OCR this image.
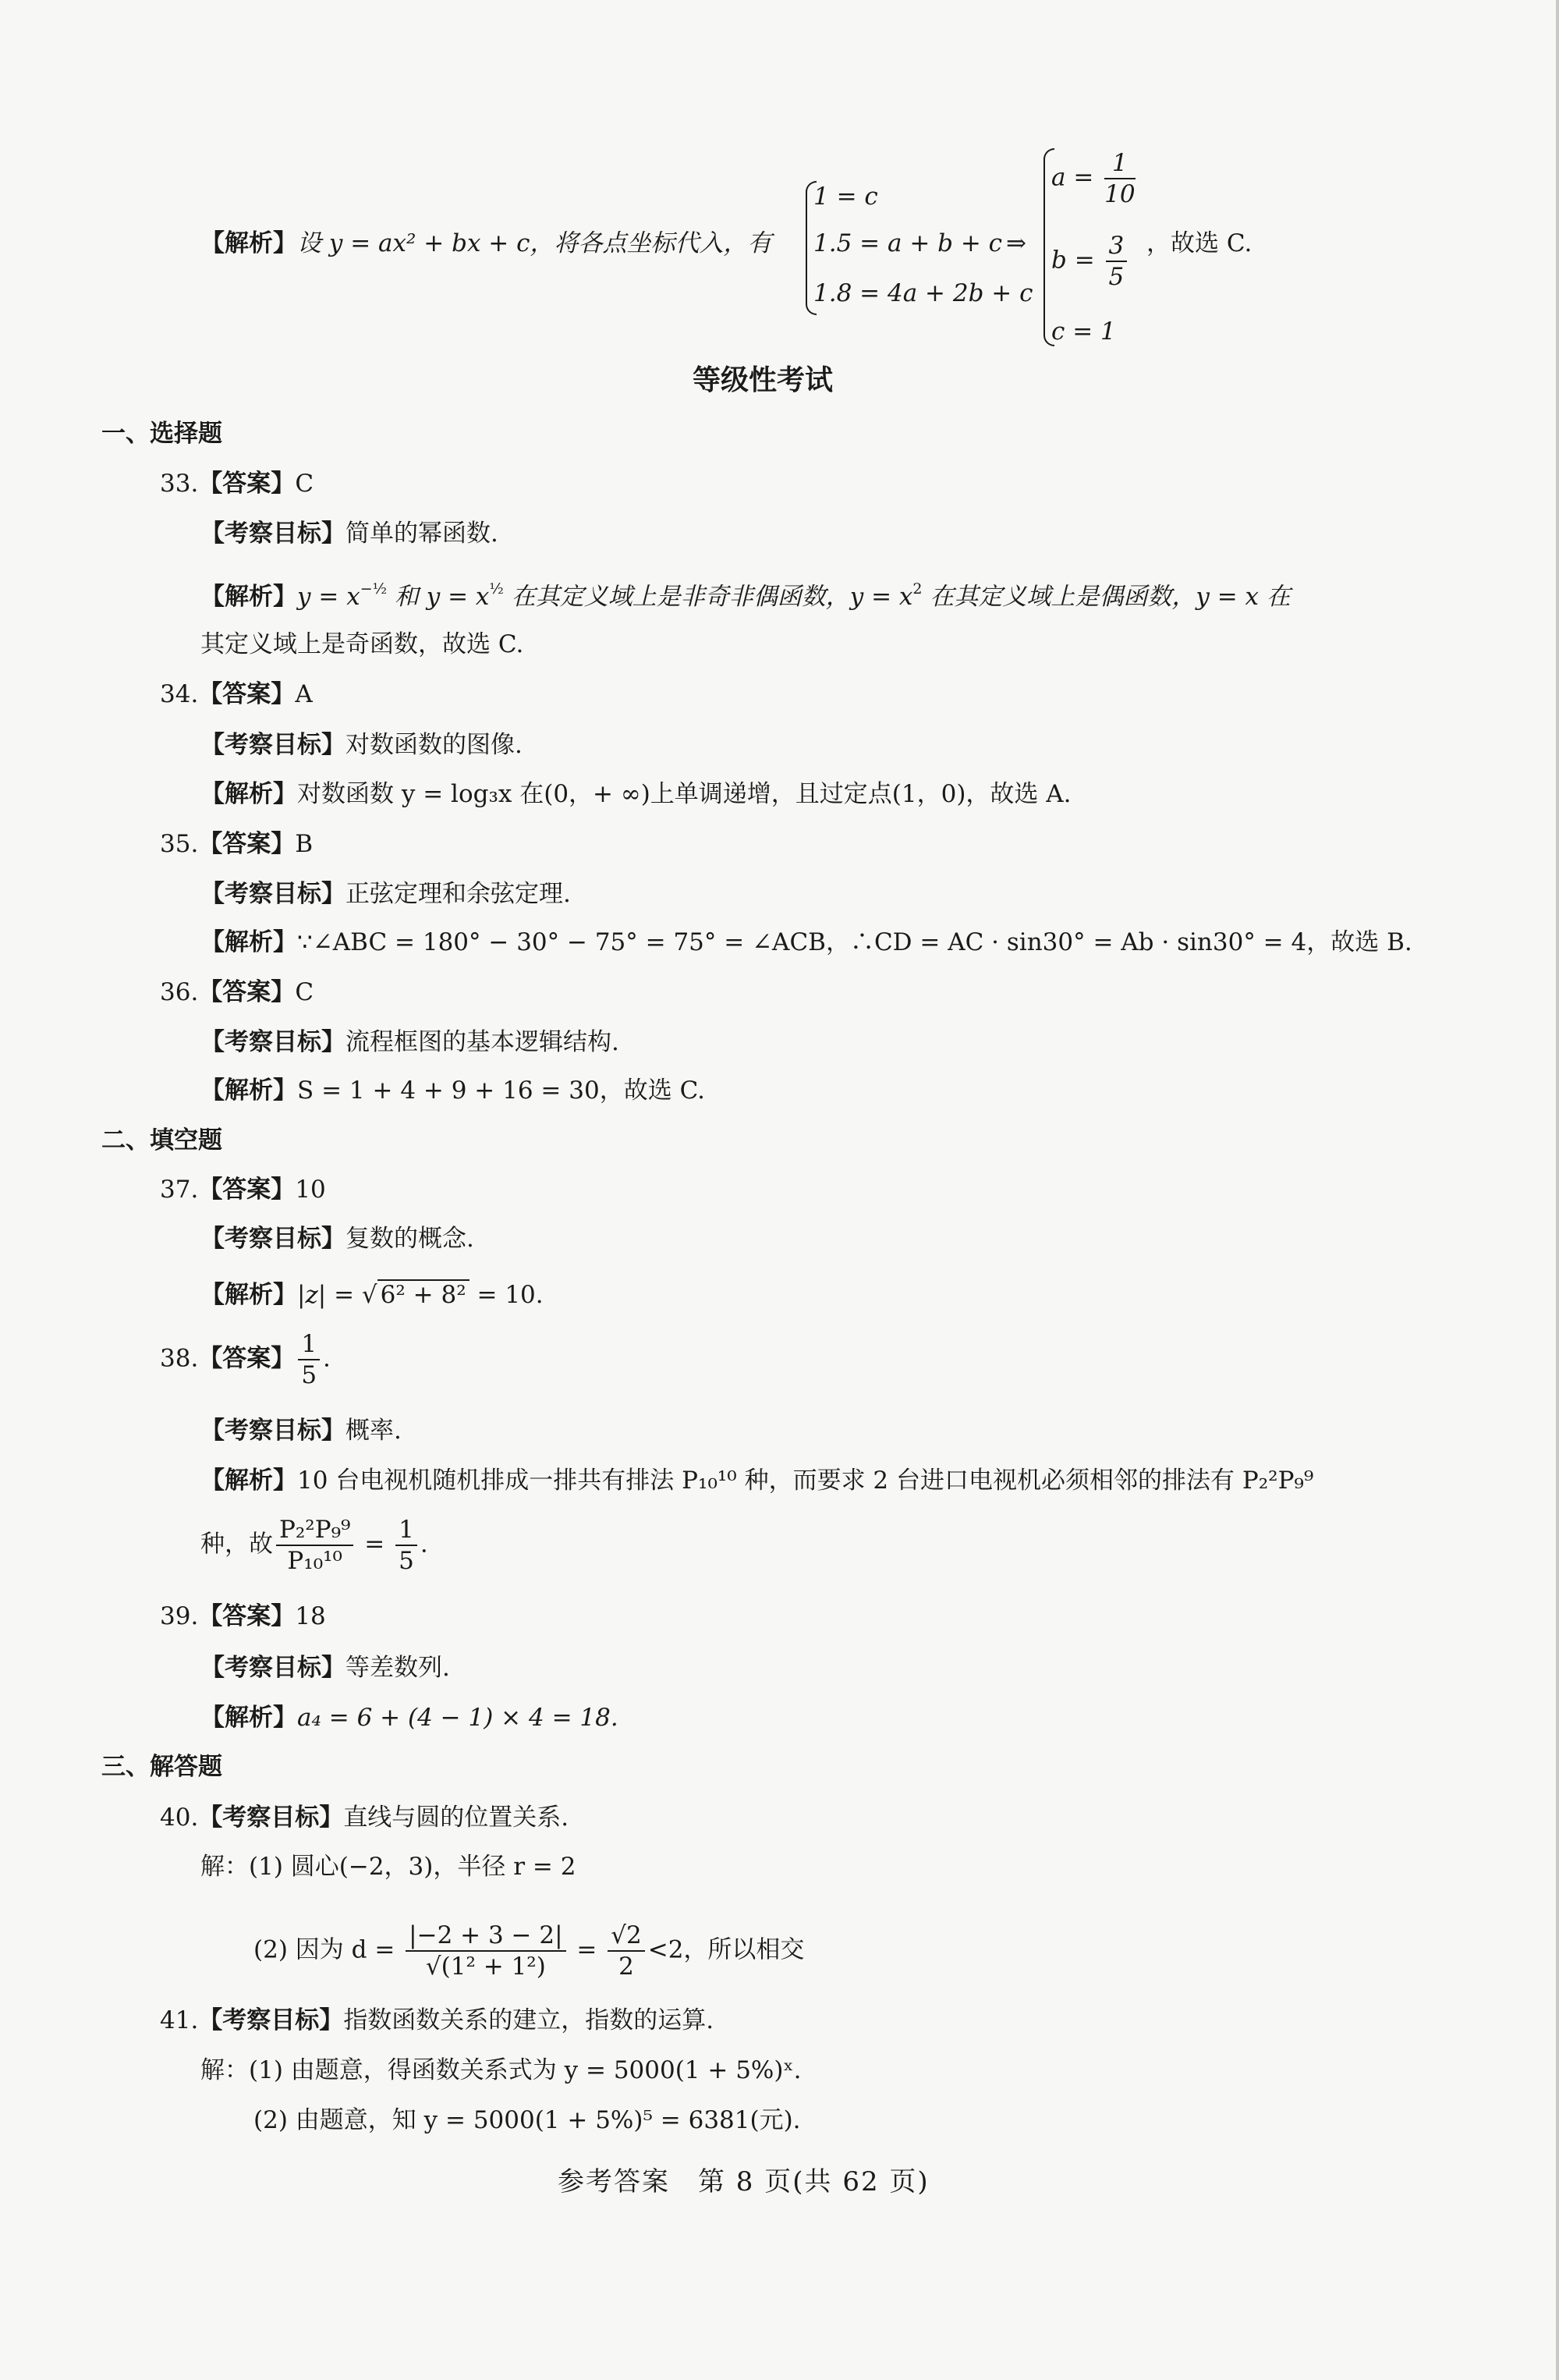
【解析】设 y = ax² + bx + c，将各点坐标代入，有
1 = c
1.5 = a + b + c
1.8 = 4a + 2b + c
⇒
$a = \frac{1}{10}$
$b = \frac{3}{5}$ ，故选 C.
c = 1
等级性考试
一、选择题
33.【答案】C
【考察目标】简单的幂函数.
【解析】$y = x^{-\frac{1}{2}}$ 和 $y = x^{\frac{1}{2}}$ 在其定义域上是非奇非偶函数，$y = x^2$ 在其定义域上是偶函数，y = x 在
其定义域上是奇函数，故选 C.
34.【答案】A
【考察目标】对数函数的图像.
【解析】对数函数 y = log₃x 在(0，+ ∞)上单调递增，且过定点(1，0)，故选 A.
35.【答案】B
【考察目标】正弦定理和余弦定理.
【解析】∵∠ABC = 180° − 30° − 75° = 75° = ∠ACB，∴CD = AC · sin30° = Ab · sin30° = 4，故选 B.
36.【答案】C
【考察目标】流程框图的基本逻辑结构.
【解析】S = 1 + 4 + 9 + 16 = 30，故选 C.
二、填空题
37.【答案】10
【考察目标】复数的概念.
【解析】|z| = √ 6² + 8² = 10.
38.【答案】 $\frac{1}{5}$ .
【考察目标】概率.
【解析】10 台电视机随机排成一排共有排法 P₁₀¹⁰ 种，而要求 2 台进口电视机必须相邻的排法有 P₂²P₉⁹
种，故 $\frac{\text{P₂²P₉⁹}}{\text{P₁₀¹⁰}} = \frac{1}{5}$ .
39.【答案】18
【考察目标】等差数列.
【解析】a₄ = 6 + (4 − 1) × 4 = 18.
三、解答题
40.【考察目标】直线与圆的位置关系.
解：(1) 圆心(−2，3)，半径 r = 2
(2) 因为 $d = \frac{|-2 + 3 - 2|}{\text{√(1² + 1²)}} = \frac{√2}{2} <2$，所以相交
41.【考察目标】指数函数关系的建立，指数的运算.
解：(1) 由题意，得函数关系式为 y = 5000(1 + 5%)ˣ.
(2) 由题意，知 y = 5000(1 + 5%)⁵ = 6381(元).
参考答案　第 8 页(共 62 页)
